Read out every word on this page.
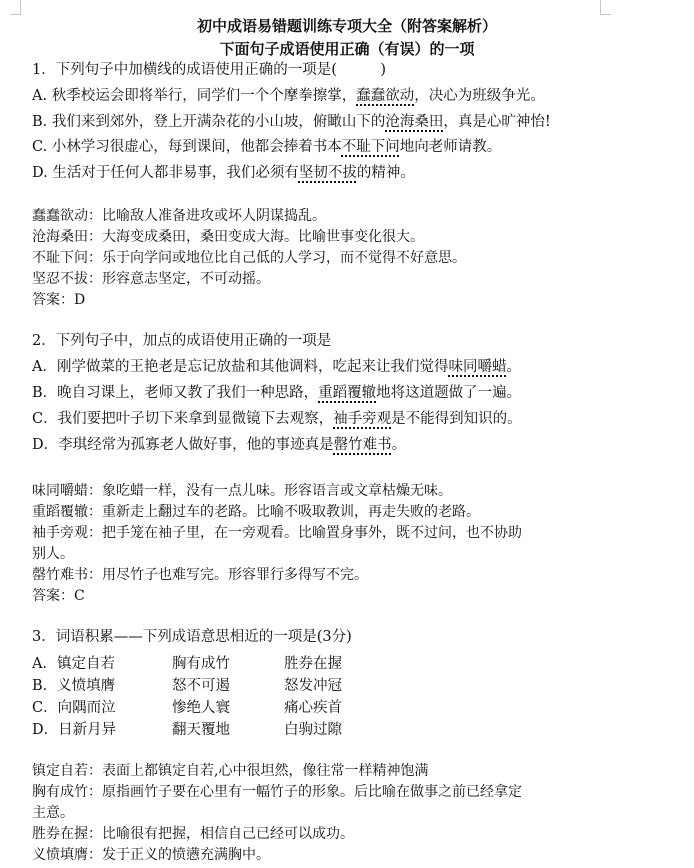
初中成语易错题训练专项大全（附答案解析）
下面句子成语使用正确（有误）的一项
1．下列句子中加横线的成语使用正确的一项是(　　　)
A. 秋季校运会即将举行，同学们一个个摩拳擦掌，蠢蠢欲动，决心为班级争光。
B. 我们来到郊外，登上开满杂花的小山坡，俯瞰山下的沧海桑田，真是心旷神怡!
C. 小林学习很虚心，每到课间，他都会捧着书本不耻下问地向老师请教。
D. 生活对于任何人都非易事，我们必须有坚韧不拔的精神。
蠢蠢欲动：比喻敌人准备进攻或坏人阴谋捣乱。
沧海桑田：大海变成桑田，桑田变成大海。比喻世事变化很大。
不耻下问：乐于向学问或地位比自己低的人学习，而不觉得不好意思。
坚忍不拔：形容意志坚定，不可动摇。
答案：D
2．下列句子中，加点的成语使用正确的一项是
A．刚学做菜的王艳老是忘记放盐和其他调料，吃起来让我们觉得味同嚼蜡。
B．晚自习课上，老师又教了我们一种思路，重蹈覆辙地将这道题做了一遍。
C．我们要把叶子切下来拿到显微镜下去观察，袖手旁观是不能得到知识的。
D．李琪经常为孤寡老人做好事，他的事迹真是罄竹难书。
味同嚼蜡：象吃蜡一样，没有一点儿味。形容语言或文章枯燥无味。
重蹈覆辙：重新走上翻过车的老路。比喻不吸取教训，再走失败的老路。
袖手旁观：把手笼在袖子里，在一旁观看。比喻置身事外，既不过问，也不协助
别人。
罄竹难书：用尽竹子也难写完。形容罪行多得写不完。
答案：C
3．词语积累——下列成语意思相近的一项是(3分)
A．镇定自若	胸有成竹	胜券在握
B．义愤填膺	怒不可遏	怒发冲冠
C．向隅而泣	惨绝人寰	痛心疾首
D．日新月异	翻天覆地	白驹过隙
镇定自若：表面上都镇定自若,心中很坦然，像往常一样精神饱满
胸有成竹：原指画竹子要在心里有一幅竹子的形象。后比喻在做事之前已经拿定
主意。
胜券在握：比喻很有把握，相信自己已经可以成功。
义愤填膺：发于正义的愤懑充满胸中。
